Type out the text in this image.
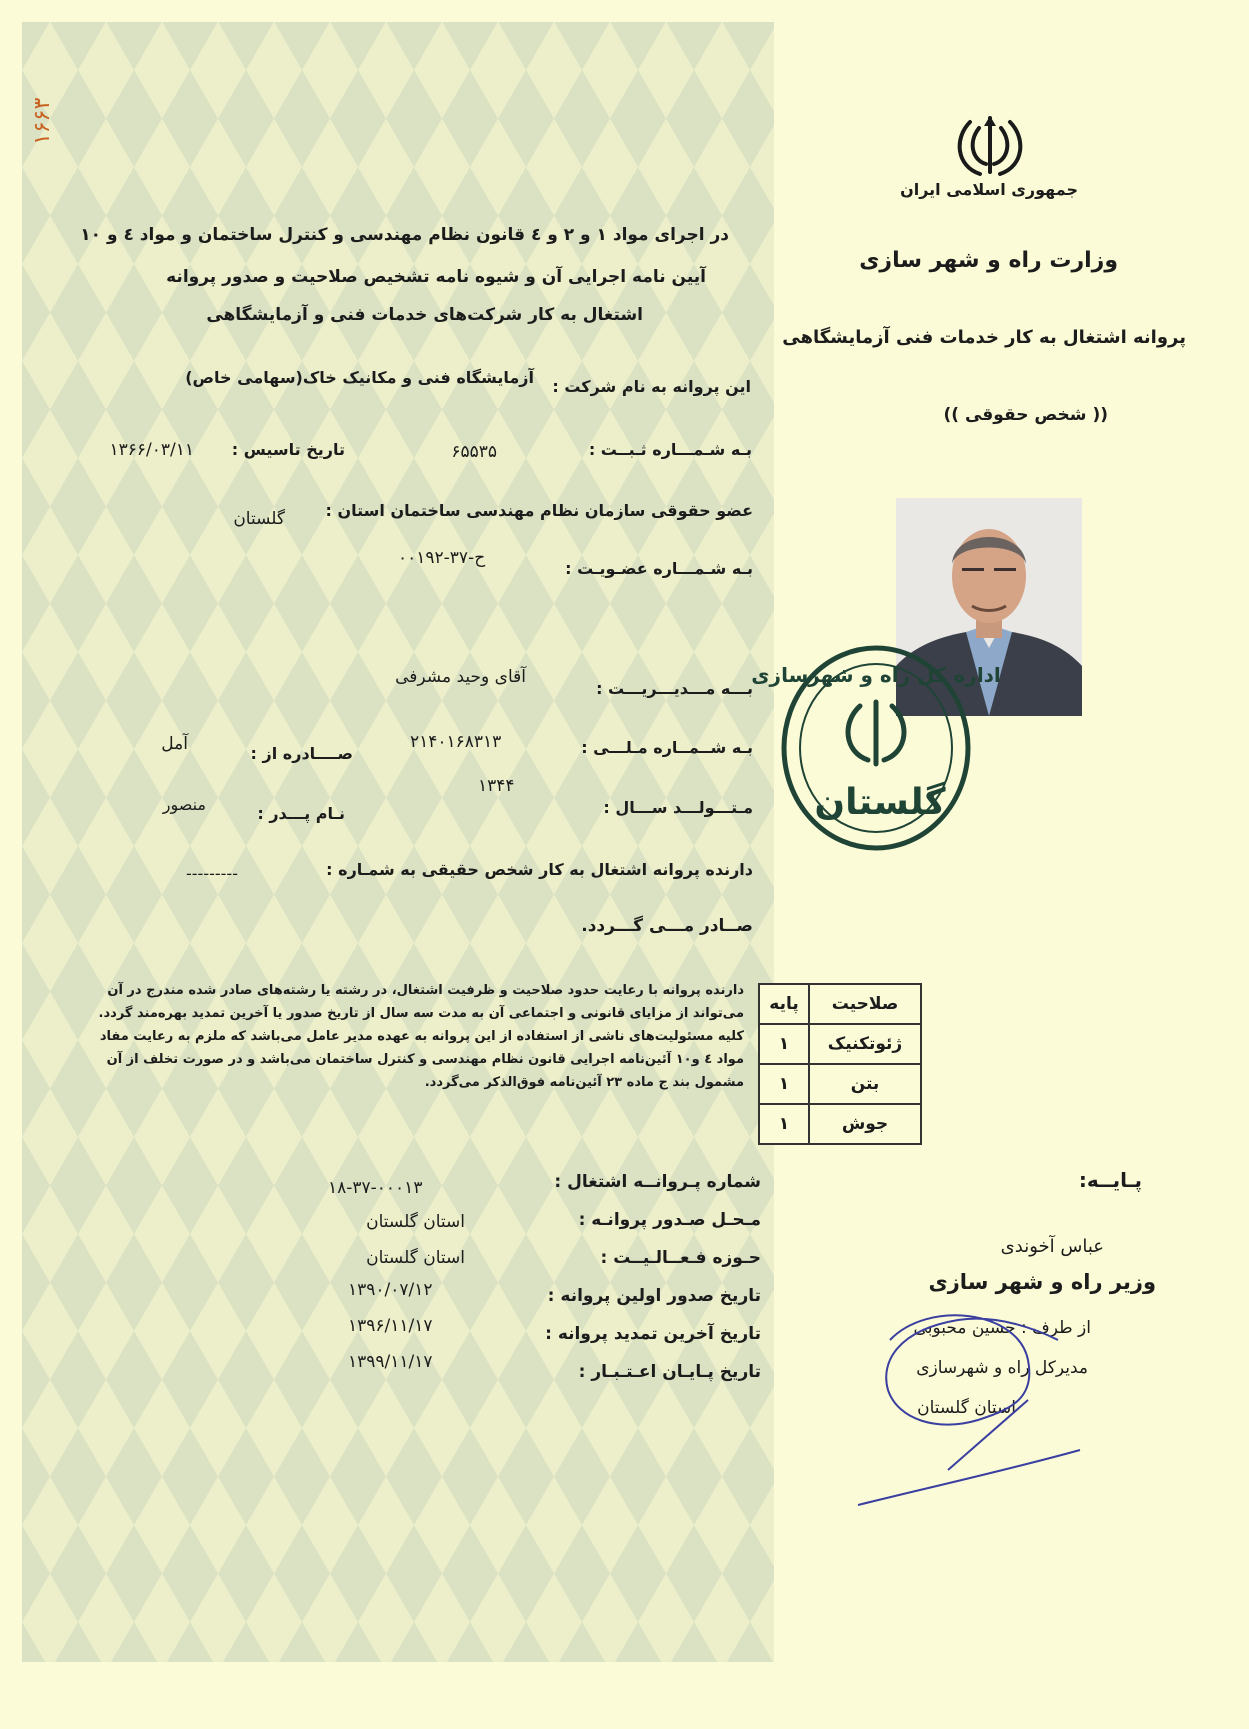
۱۶۶۳
جمهوری اسلامی ایران
وزارت راه و شهر سازی
پروانه اشتغال به کار خدمات فنی آزمایشگاهی
(( شخص حقوقی ))
در اجرای مواد ۱ و ۲ و ٤ قانون نظام مهندسی و کنترل ساختمان و مواد ٤ و ۱۰
آیین نامه اجرایی آن و شیوه نامه تشخیص صلاحیت و صدور پروانه
اشتغال به کار شرکت‌های خدمات فنی و آزمایشگاهی
این پروانه به نام شرکت :
آزمایشگاه فنی و مکانیک خاک(سهامی خاص)
بـه شـمـــاره ثـبــت :
۶۵۵۳۵
تاریخ تاسیس :
۱۳۶۶/۰۳/۱۱
عضو حقوقی سازمان نظام مهندسی ساختمان استان :
گلستان
بـه شـمـــاره عضـویـت :
۰۰۱۹۲-ح-۳۷
بـــه مـــدیـــریـــت :
آقای وحید مشرفی
بـه شــمــاره مـلـــی :
۲۱۴۰۱۶۸۳۱۳
صــــادره از :
آمل
مـتـــولـــد ســـال :
۱۳۴۴
نـام پـــدر :
منصور
دارنده پروانه اشتغال به کار شخص حقیقی به شمـاره :
---------
صــادر مـــی گـــردد.
دارنده پروانه با رعایت حدود صلاحیت و ظرفیت اشتغال، در رشته یا رشته‌های صادر شده مندرج در آن
می‌تواند از مزایای قانونی و اجتماعی آن به مدت سه سال از تاریخ صدور یا آخرین تمدید بهره‌مند گردد.
کلیه مسئولیت‌های ناشی از استفاده از این پروانه به عهده مدیر عامل می‌باشد که ملزم به رعایت مفاد
مواد ٤ و۱۰ آئین‌نامه اجرایی قانون نظام مهندسی و کنترل ساختمان می‌باشد و در صورت تخلف از آن
مشمول بند ج ماده ۲۳ آئین‌نامه فوق‌الذکر می‌گردد.
اداره کل راه و شهرسازی
گلستان
صلاحیت	پایه
ژئوتکنیک	۱
بتن	۱
جوش	۱
پـایــه:
شماره پـروانــه اشتغال :
۱۸-۳۷-۰۰۰۱۳
مـحـل صـدور پروانـه :
استان گلستان
حـوزه فـعــالـیــت :
استان گلستان
تاریخ صدور اولین پروانه :
۱۳۹۰/۰۷/۱۲
تاریخ آخرین تمدید پروانه :
۱۳۹۶/۱۱/۱۷
تاریخ پـایـان اعـتـبـار :
۱۳۹۹/۱۱/۱۷
عباس آخوندی
وزیر راه و شهر سازی
از طرف : حسین محبوبی
مدیرکل راه و شهرسازی
استان گلستان
